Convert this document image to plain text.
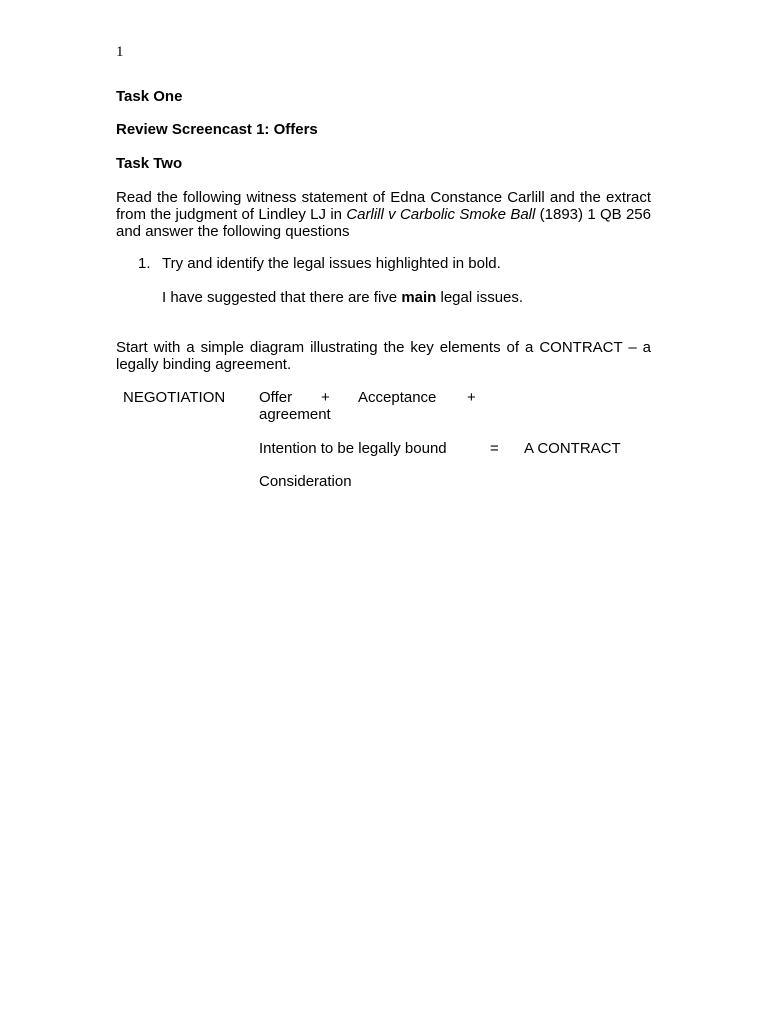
1
Task One
Review Screencast 1: Offers
Task Two
Read the following witness statement of Edna Constance Carlill and the extract from the judgment of Lindley LJ in Carlill v Carbolic Smoke Ball (1893) 1 QB 256 and answer the following questions
1. Try and identify the legal issues highlighted in bold.
I have suggested that there are five main legal issues.
Start with a simple diagram illustrating the key elements of a CONTRACT – a legally binding agreement.
NEGOTIATION Offer + Acceptance +
agreement
Intention to be legally bound	= A CONTRACT
Consideration
